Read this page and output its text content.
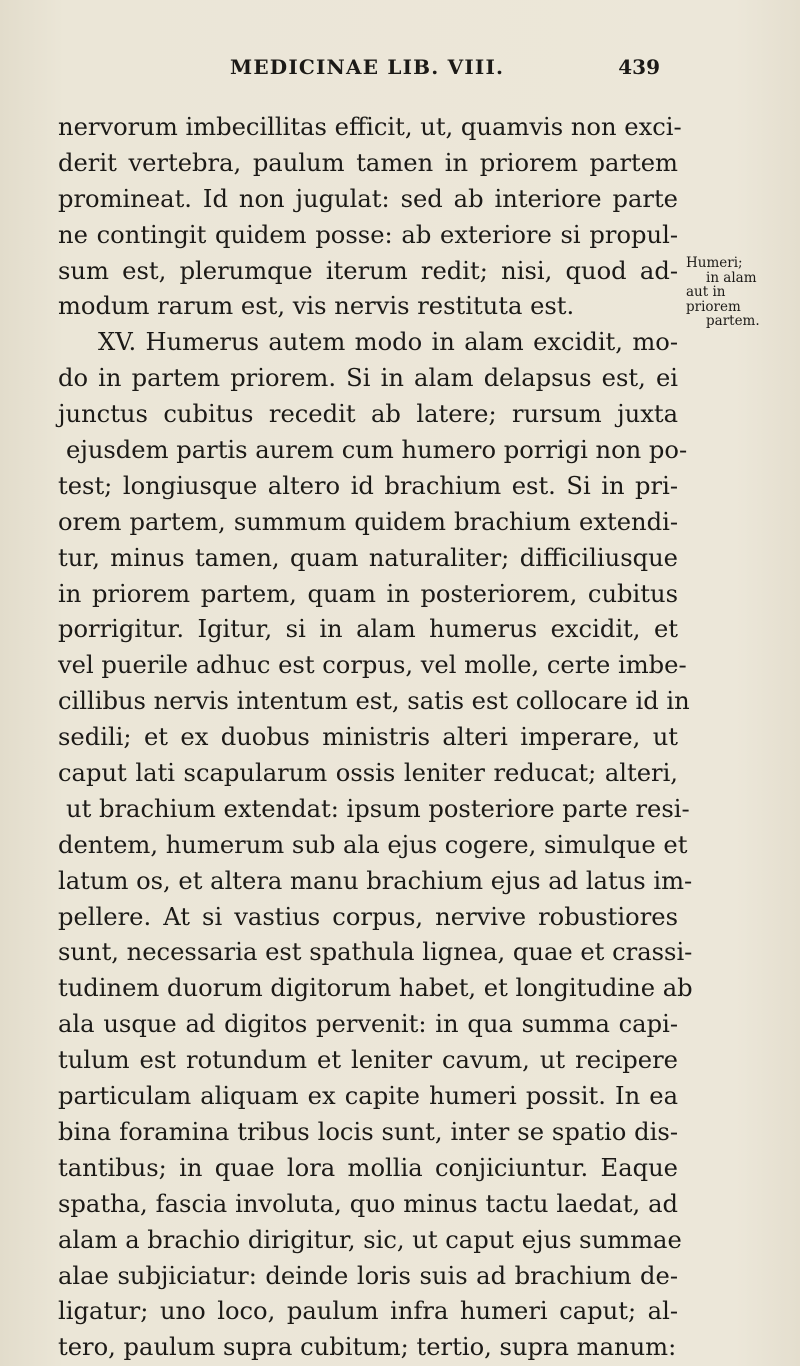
MEDICINAE LIB. VIII.	439
nervorum imbecillitas efficit, ut, quamvis non exci-
derit vertebra, paulum tamen in priorem partem
promineat. Id non jugulat: sed ab interiore parte
ne contingit quidem posse: ab exteriore si propul-
sum est, plerumque iterum redit; nisi, quod ad-
modum rarum est, vis nervis restituta est.
XV. Humerus autem modo in alam excidit, mo-
do in partem priorem. Si in alam delapsus est, ei
junctus cubitus recedit ab latere; rursum juxta
ejusdem partis aurem cum humero porrigi non po-
test; longiusque altero id brachium est. Si in pri-
orem partem, summum quidem brachium extendi-
tur, minus tamen, quam naturaliter; difficiliusque
in priorem partem, quam in posteriorem, cubitus
porrigitur. Igitur, si in alam humerus excidit, et
vel puerile adhuc est corpus, vel molle, certe imbe-
cillibus nervis intentum est, satis est collocare id in
sedili; et ex duobus ministris alteri imperare, ut
caput lati scapularum ossis leniter reducat; alteri,
ut brachium extendat: ipsum posteriore parte resi-
dentem, humerum sub ala ejus cogere, simulque et
latum os, et altera manu brachium ejus ad latus im-
pellere. At si vastius corpus, nervive robustiores
sunt, necessaria est spathula lignea, quae et crassi-
tudinem duorum digitorum habet, et longitudine ab
ala usque ad digitos pervenit: in qua summa capi-
tulum est rotundum et leniter cavum, ut recipere
particulam aliquam ex capite humeri possit. In ea
bina foramina tribus locis sunt, inter se spatio dis-
tantibus; in quae lora mollia conjiciuntur. Eaque
spatha, fascia involuta, quo minus tactu laedat, ad
alam a brachio dirigitur, sic, ut caput ejus summae
alae subjiciatur: deinde loris suis ad brachium de-
ligatur; uno loco, paulum infra humeri caput; al-
tero, paulum supra cubitum; tertio, supra manum:
Humeri;
in alam
aut in
priorem
partem.
